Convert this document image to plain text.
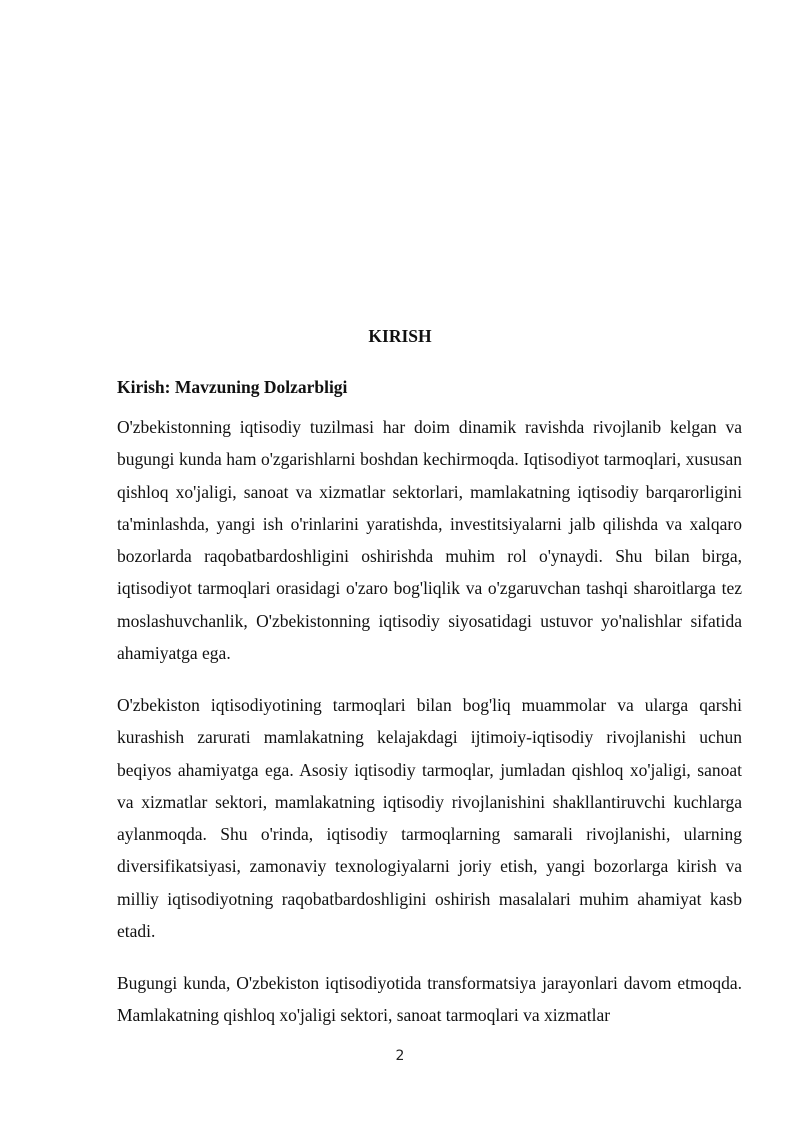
KIRISH
Kirish: Mavzuning Dolzarbligi

O'zbekistonning iqtisodiy tuzilmasi har doim dinamik ravishda rivojlanib kelgan va bugungi kunda ham o'zgarishlarni boshdan kechirmoqda. Iqtisodiyot tarmoqlari, xususan qishloq xo'jaligi, sanoat va xizmatlar sektorlari, mamlakatning iqtisodiy barqarorligini ta'minlashda, yangi ish o'rinlarini yaratishda, investitsiyalarni jalb qilishda va xalqaro bozorlarda raqobatbardoshligini oshirishda muhim rol o'ynaydi. Shu bilan birga, iqtisodiyot tarmoqlari orasidagi o'zaro bog'liqlik va o'zgaruvchan tashqi sharoitlarga tez moslashuvchanlik, O'zbekistonning iqtisodiy siyosatidagi ustuvor yo'nalishlar sifatida ahamiyatga ega.

O'zbekiston iqtisodiyotining tarmoqlari bilan bog'liq muammolar va ularga qarshi kurashish zarurati mamlakatning kelajakdagi ijtimoiy-iqtisodiy rivojlanishi uchun beqiyos ahamiyatga ega. Asosiy iqtisodiy tarmoqlar, jumladan qishloq xo'jaligi, sanoat va xizmatlar sektori, mamlakatning iqtisodiy rivojlanishini shakllantiruvchi kuchlarga aylanmoqda. Shu o'rinda, iqtisodiy tarmoqlarning samarali rivojlanishi, ularning diversifikatsiyasi, zamonaviy texnologiyalarni joriy etish, yangi bozorlarga kirish va milliy iqtisodiyotning raqobatbardoshligini oshirish masalalari muhim ahamiyat kasb etadi.

Bugungi kunda, O'zbekiston iqtisodiyotida transformatsiya jarayonlari davom etmoqda. Mamlakatning qishloq xo'jaligi sektori, sanoat tarmoqlari va xizmatlar

2
